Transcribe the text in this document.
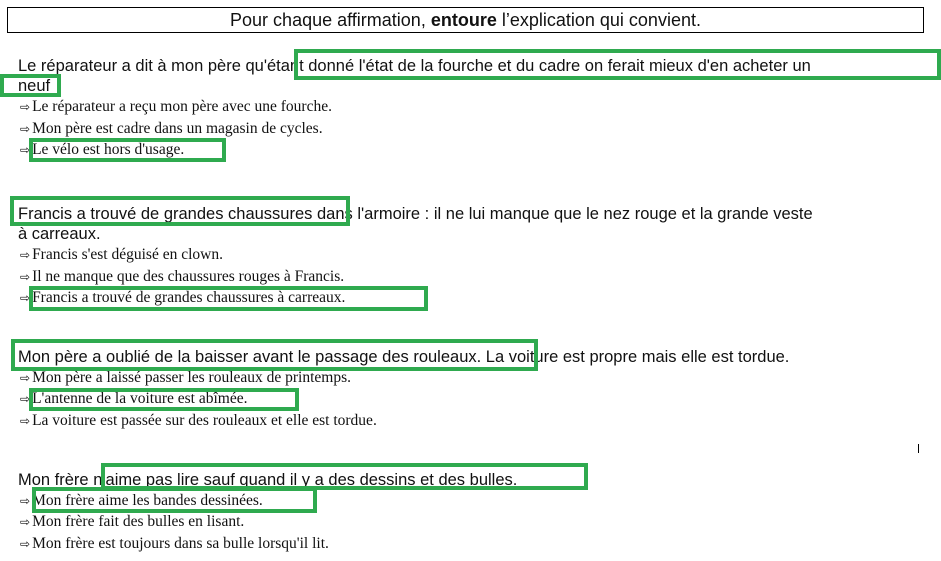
Pour chaque affirmation, entoure l’explication qui convient.
Le réparateur a dit à mon père qu'étant donné l'état de la fourche et du cadre on ferait mieux d'en acheter un
neuf
⇨ Le réparateur a reçu mon père avec une fourche.
⇨ Mon père est cadre dans un magasin de cycles.
⇨ Le vélo est hors d'usage.
Francis a trouvé de grandes chaussures dans l'armoire : il ne lui manque que le nez rouge et la grande veste
à carreaux.
⇨ Francis s'est déguisé en clown.
⇨ Il ne manque que des chaussures rouges à Francis.
⇨ Francis a trouvé de grandes chaussures à carreaux.
Mon père a oublié de la baisser avant le passage des rouleaux. La voiture est propre mais elle est tordue.
⇨ Mon père a laissé passer les rouleaux de printemps.
⇨ L'antenne de la voiture est abîmée.
⇨ La voiture est passée sur des rouleaux et elle est tordue.
Mon frère n'aime pas lire sauf quand il y a des dessins et des bulles.
⇨ Mon frère aime les bandes dessinées.
⇨ Mon frère fait des bulles en lisant.
⇨ Mon frère est toujours dans sa bulle lorsqu'il lit.
